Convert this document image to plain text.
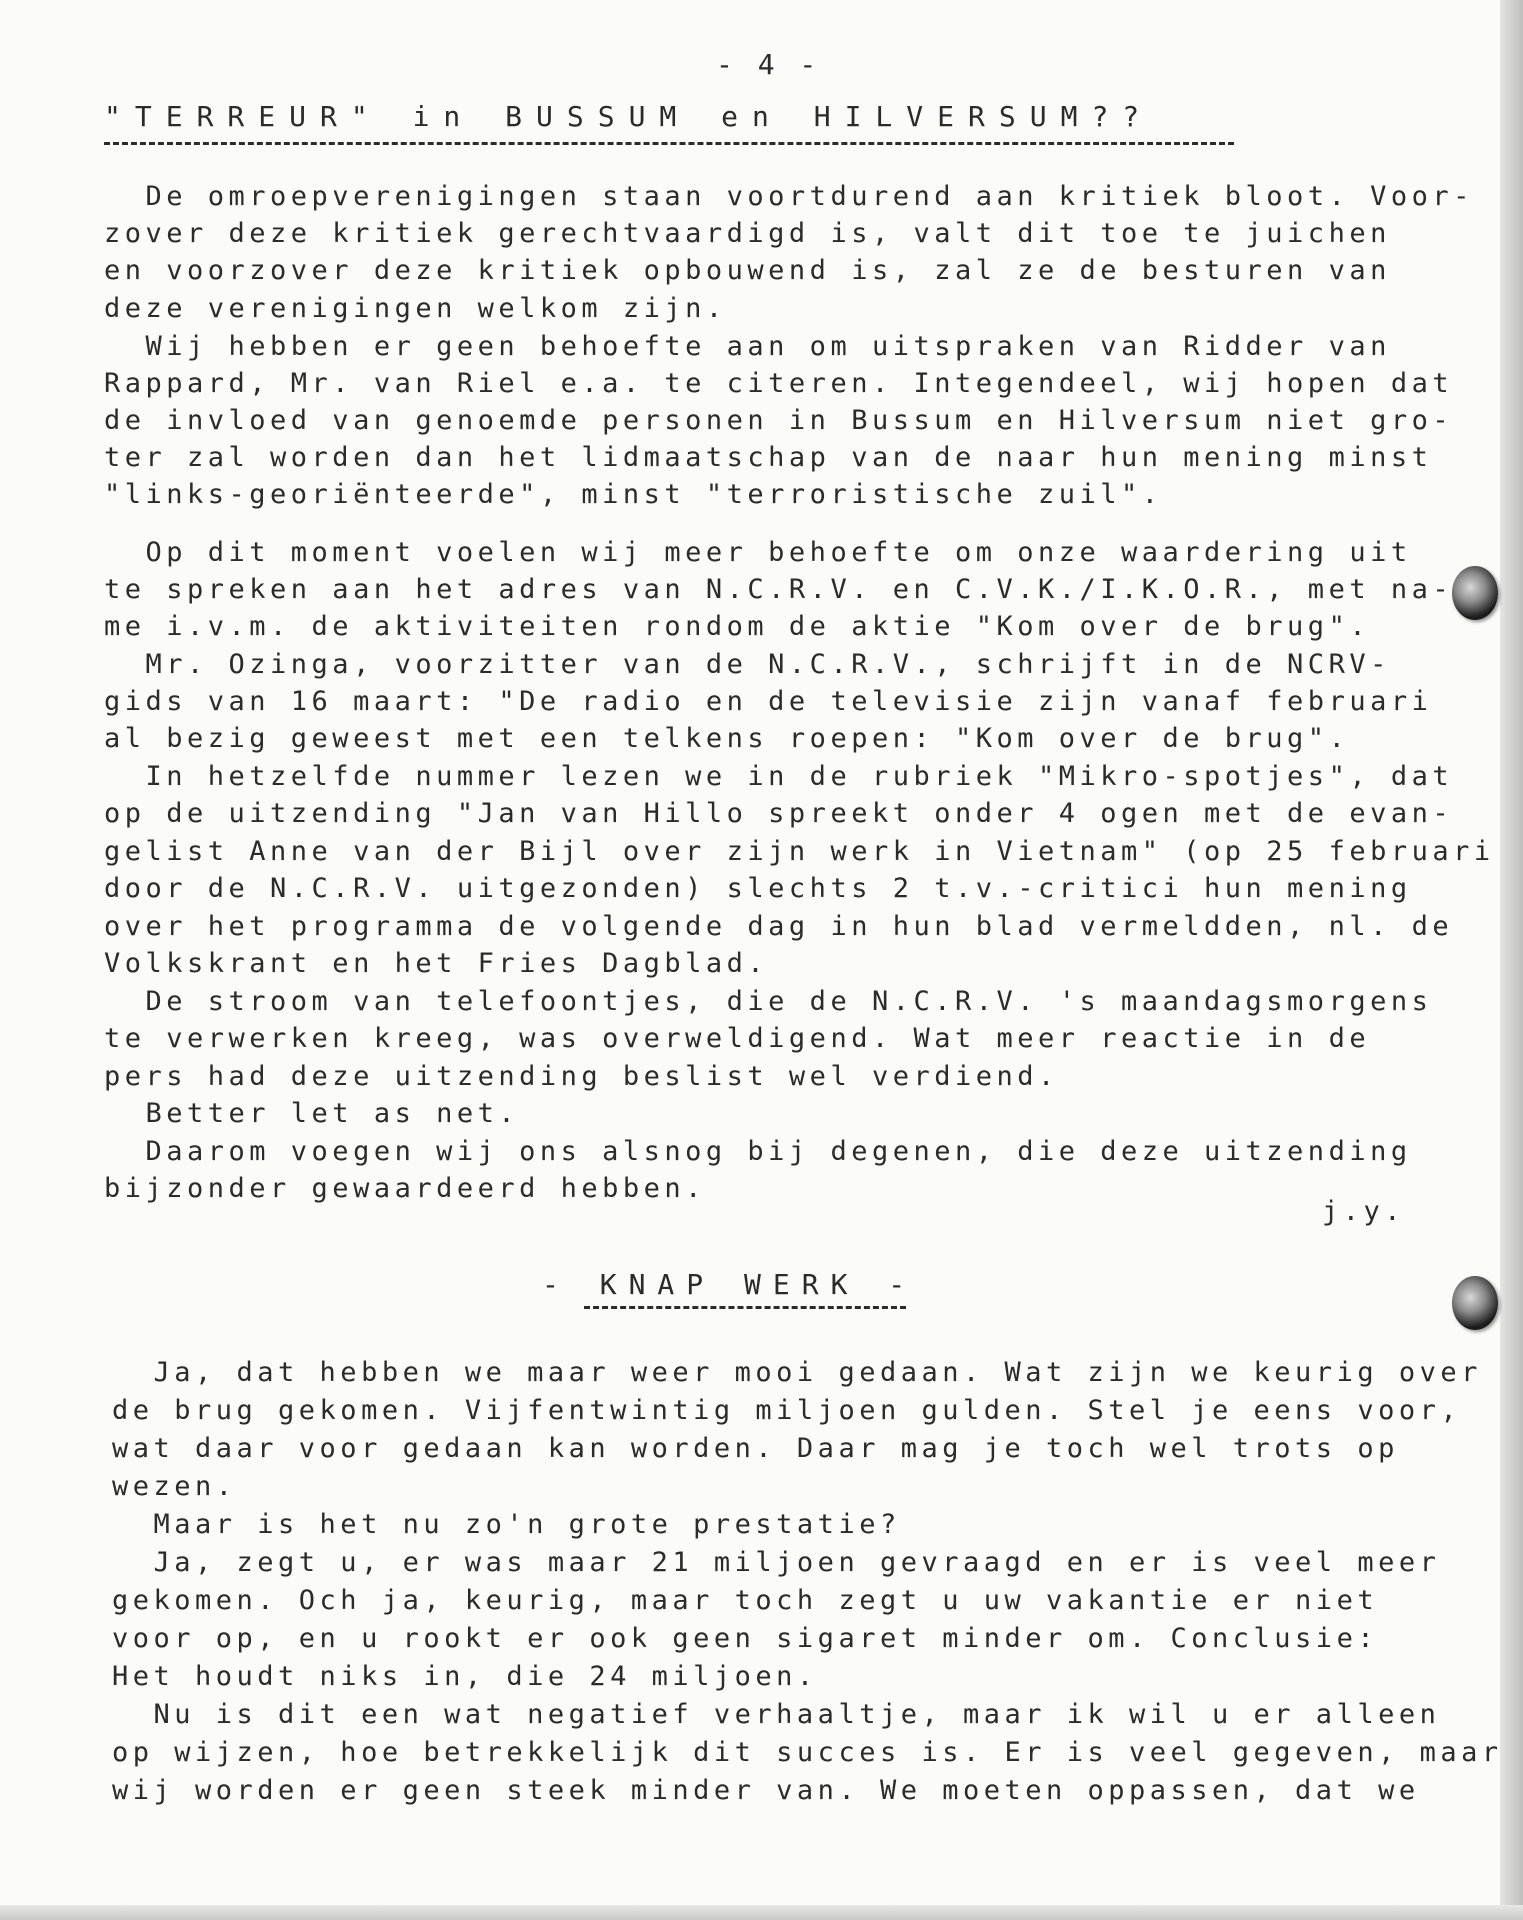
- 4 -
"TERREUR" in BUSSUM en HILVERSUM??
De omroepverenigingen staan voortdurend aan kritiek bloot. Voor-
zover deze kritiek gerechtvaardigd is, valt dit toe te juichen
en voorzover deze kritiek opbouwend is, zal ze de besturen van
deze verenigingen welkom zijn.
Wij hebben er geen behoefte aan om uitspraken van Ridder van
Rappard, Mr. van Riel e.a. te citeren. Integendeel, wij hopen dat
de invloed van genoemde personen in Bussum en Hilversum niet gro-
ter zal worden dan het lidmaatschap van de naar hun mening minst
"links-georiënteerde", minst "terroristische zuil".
Op dit moment voelen wij meer behoefte om onze waardering uit
te spreken aan het adres van N.C.R.V. en C.V.K./I.K.O.R., met na-
me i.v.m. de aktiviteiten rondom de aktie "Kom over de brug".
Mr. Ozinga, voorzitter van de N.C.R.V., schrijft in de NCRV-
gids van 16 maart: "De radio en de televisie zijn vanaf februari
al bezig geweest met een telkens roepen: "Kom over de brug".
In hetzelfde nummer lezen we in de rubriek "Mikro-spotjes", dat
op de uitzending "Jan van Hillo spreekt onder 4 ogen met de evan-
gelist Anne van der Bijl over zijn werk in Vietnam" (op 25 februari
door de N.C.R.V. uitgezonden) slechts 2 t.v.-critici hun mening
over het programma de volgende dag in hun blad vermeldden, nl. de
Volkskrant en het Fries Dagblad.
De stroom van telefoontjes, die de N.C.R.V. 's maandagsmorgens
te verwerken kreeg, was overweldigend. Wat meer reactie in de
pers had deze uitzending beslist wel verdiend.
Better let as net.
Daarom voegen wij ons alsnog bij degenen, die deze uitzending
bijzonder gewaardeerd hebben.
j.y.
- KNAP WERK -
Ja, dat hebben we maar weer mooi gedaan. Wat zijn we keurig over
de brug gekomen. Vijfentwintig miljoen gulden. Stel je eens voor,
wat daar voor gedaan kan worden. Daar mag je toch wel trots op
wezen.
Maar is het nu zo'n grote prestatie?
Ja, zegt u, er was maar 21 miljoen gevraagd en er is veel meer
gekomen. Och ja, keurig, maar toch zegt u uw vakantie er niet
voor op, en u rookt er ook geen sigaret minder om. Conclusie:
Het houdt niks in, die 24 miljoen.
Nu is dit een wat negatief verhaaltje, maar ik wil u er alleen
op wijzen, hoe betrekkelijk dit succes is. Er is veel gegeven, maar
wij worden er geen steek minder van. We moeten oppassen, dat we
